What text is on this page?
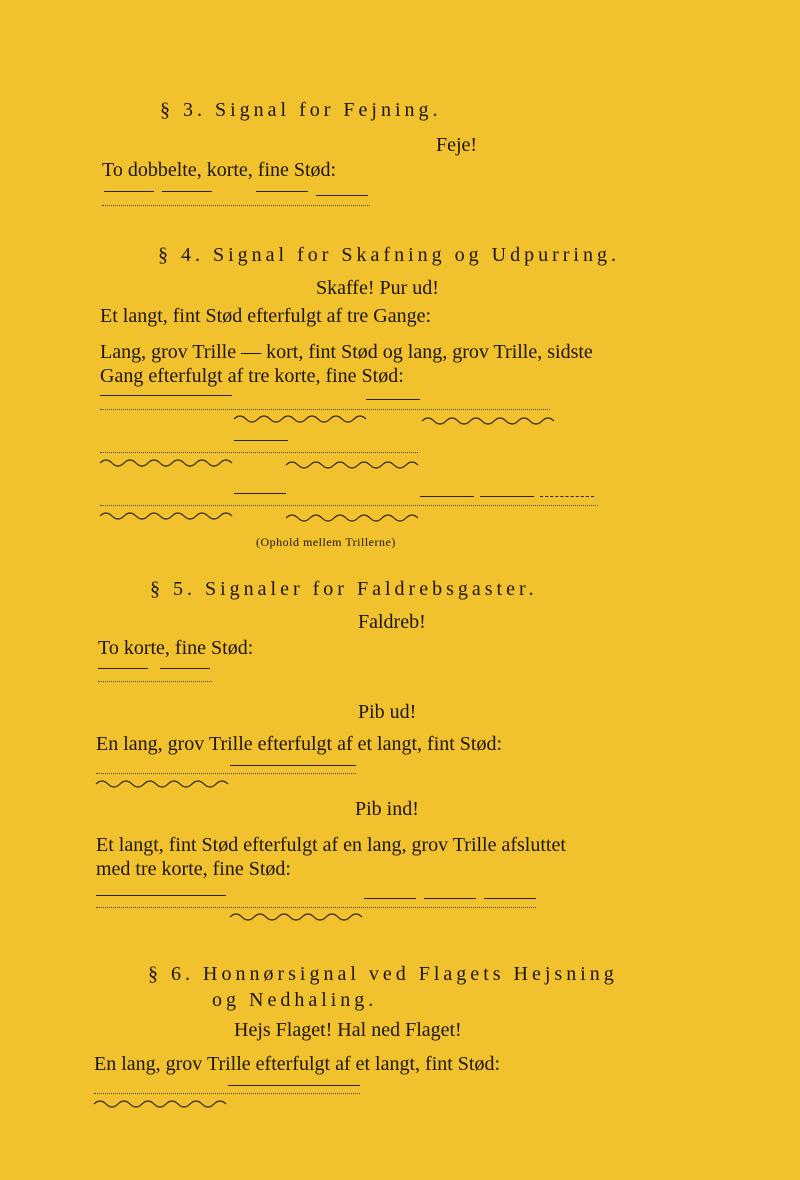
§ 3. Signal for Fejning.
Feje!
To dobbelte, korte, fine Stød:
§ 4. Signal for Skafning og Udpurring.
Skaffe! Pur ud!
Et langt, fint Stød efterfulgt af tre Gange:
Lang, grov Trille — kort, fint Stød og lang, grov Trille, sidste
Gang efterfulgt af tre korte, fine Stød:
(Ophold mellem Trillerne)
§ 5. Signaler for Faldrebsgaster.
Faldreb!
To korte, fine Stød:
Pib ud!
En lang, grov Trille efterfulgt af et langt, fint Stød:
Pib ind!
Et langt, fint Stød efterfulgt af en lang, grov Trille afsluttet
med tre korte, fine Stød:
§ 6. Honnørsignal ved Flagets Hejsning
og Nedhaling.
Hejs Flaget! Hal ned Flaget!
En lang, grov Trille efterfulgt af et langt, fint Stød:
